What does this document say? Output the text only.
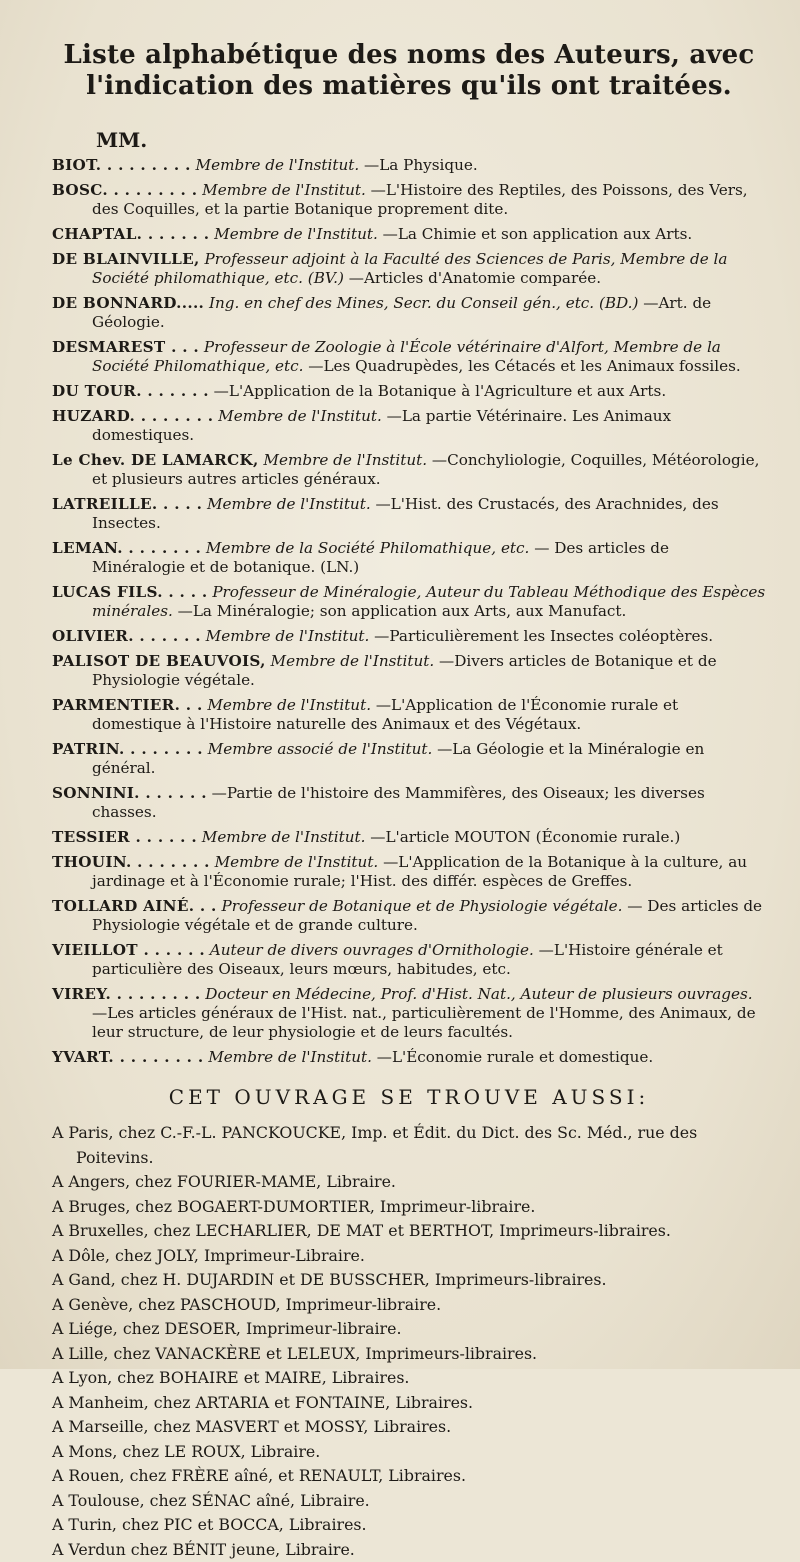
Liste alphabétique des noms des Auteurs, avec l'indication des matières qu'ils ont traitées.
MM.

BIOT. . . . . . . . . Membre de l'Institut. —La Physique.

BOSC. . . . . . . . . Membre de l'Institut. —L'Histoire des Reptiles, des Poissons, des Vers, des Coquilles, et la partie Botanique proprement dite.

CHAPTAL. . . . . . . Membre de l'Institut. —La Chimie et son application aux Arts.

DE BLAINVILLE, Professeur adjoint à la Faculté des Sciences de Paris, Membre de la Société philomathique, etc. (BV.) —Articles d'Anatomie comparée.

DE BONNARD..... Ing. en chef des Mines, Secr. du Conseil gén., etc. (BD.) —Art. de Géologie.

DESMAREST . . . Professeur de Zoologie à l'École vétérinaire d'Alfort, Membre de la Société Philomathique, etc. —Les Quadrupèdes, les Cétacés et les Animaux fossiles.

DU TOUR. . . . . . . —L'Application de la Botanique à l'Agriculture et aux Arts.

HUZARD. . . . . . . . Membre de l'Institut. —La partie Vétérinaire. Les Animaux domestiques.

Le Chev. DE LAMARCK, Membre de l'Institut. —Conchyliologie, Coquilles, Météorologie, et plusieurs autres articles généraux.

LATREILLE. . . . . Membre de l'Institut. —L'Hist. des Crustacés, des Arachnides, des Insectes.

LEMAN. . . . . . . . Membre de la Société Philomathique, etc. — Des articles de Minéralogie et de botanique. (LN.)

LUCAS FILS. . . . . Professeur de Minéralogie, Auteur du Tableau Méthodique des Espèces minérales. —La Minéralogie; son application aux Arts, aux Manufact.

OLIVIER. . . . . . . Membre de l'Institut. —Particulièrement les Insectes coléoptères.

PALISOT DE BEAUVOIS, Membre de l'Institut. —Divers articles de Botanique et de Physiologie végétale.

PARMENTIER. . . Membre de l'Institut. —L'Application de l'Économie rurale et domestique à l'Histoire naturelle des Animaux et des Végétaux.

PATRIN. . . . . . . . Membre associé de l'Institut. —La Géologie et la Minéralogie en général.

SONNINI. . . . . . . —Partie de l'histoire des Mammifères, des Oiseaux; les diverses chasses.

TESSIER . . . . . . Membre de l'Institut. —L'article MOUTON (Économie rurale.)

THOUIN. . . . . . . . Membre de l'Institut. —L'Application de la Botanique à la culture, au jardinage et à l'Économie rurale; l'Hist. des différ. espèces de Greffes.

TOLLARD AINÉ. . . Professeur de Botanique et de Physiologie végétale. — Des articles de Physiologie végétale et de grande culture.

VIEILLOT . . . . . . Auteur de divers ouvrages d'Ornithologie. —L'Histoire générale et particulière des Oiseaux, leurs mœurs, habitudes, etc.

VIREY. . . . . . . . . Docteur en Médecine, Prof. d'Hist. Nat., Auteur de plusieurs ouvrages. —Les articles généraux de l'Hist. nat., particulièrement de l'Homme, des Animaux, de leur structure, de leur physiologie et de leurs facultés.

YVART. . . . . . . . . Membre de l'Institut. —L'Économie rurale et domestique.

CET OUVRAGE SE TROUVE AUSSI:

A Paris, chez C.-F.-L. PANCKOUCKE, Imp. et Édit. du Dict. des Sc. Méd., rue des Poitevins.

A Angers, chez FOURIER-MAME, Libraire.

A Bruges, chez BOGAERT-DUMORTIER, Imprimeur-libraire.

A Bruxelles, chez LECHARLIER, DE MAT et BERTHOT, Imprimeurs-libraires.

A Dôle, chez JOLY, Imprimeur-Libraire.

A Gand, chez H. DUJARDIN et DE BUSSCHER, Imprimeurs-libraires.

A Genève, chez PASCHOUD, Imprimeur-libraire.

A Liége, chez DESOER, Imprimeur-libraire.

A Lille, chez VANACKÈRE et LELEUX, Imprimeurs-libraires.

A Lyon, chez BOHAIRE et MAIRE, Libraires.

A Manheim, chez ARTARIA et FONTAINE, Libraires.

A Marseille, chez MASVERT et MOSSY, Libraires.

A Mons, chez LE ROUX, Libraire.

A Rouen, chez FRÈRE aîné, et RENAULT, Libraires.

A Toulouse, chez SÉNAC aîné, Libraire.

A Turin, chez PIC et BOCCA, Libraires.

A Verdun chez BÉNIT jeune, Libraire.
